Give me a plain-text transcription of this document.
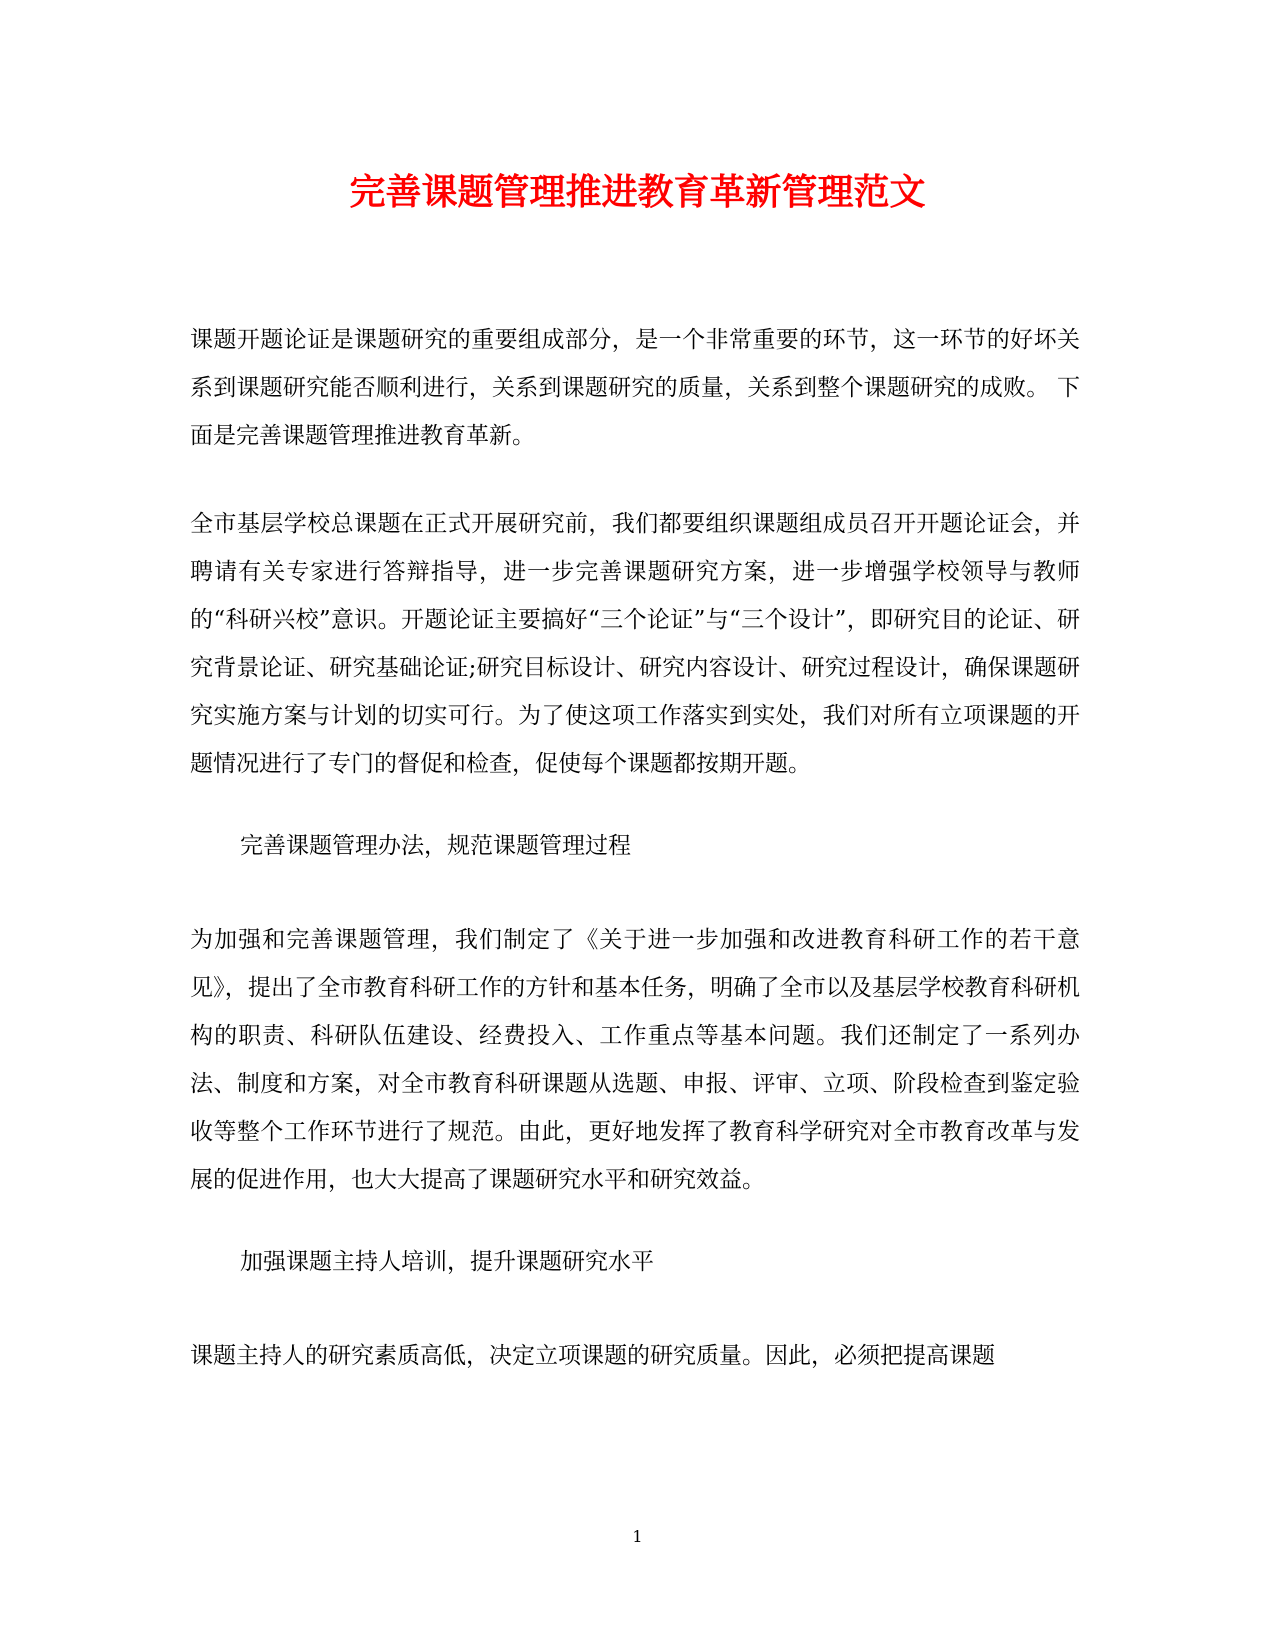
完善课题管理推进教育革新管理范文

课题开题论证是课题研究的重要组成部分，是一个非常重要的环节，这一环节的好坏关系到课题研究能否顺利进行，关系到课题研究的质量，关系到整个课题研究的成败。 下面是完善课题管理推进教育革新。

全市基层学校总课题在正式开展研究前，我们都要组织课题组成员召开开题论证会，并聘请有关专家进行答辩指导，进一步完善课题研究方案，进一步增强学校领导与教师的“科研兴校”意识。开题论证主要搞好“三个论证”与“三个设计”，即研究目的论证、研究背景论证、研究基础论证;研究目标设计、研究内容设计、研究过程设计，确保课题研究实施方案与计划的切实可行。为了使这项工作落实到实处，我们对所有立项课题的开题情况进行了专门的督促和检查，促使每个课题都按期开题。

完善课题管理办法，规范课题管理过程

为加强和完善课题管理，我们制定了《关于进一步加强和改进教育科研工作的若干意见》，提出了全市教育科研工作的方针和基本任务，明确了全市以及基层学校教育科研机构的职责、科研队伍建设、经费投入、工作重点等基本问题。我们还制定了一系列办法、制度和方案，对全市教育科研课题从选题、申报、评审、立项、阶段检查到鉴定验收等整个工作环节进行了规范。由此，更好地发挥了教育科学研究对全市教育改革与发展的促进作用，也大大提高了课题研究水平和研究效益。

加强课题主持人培训，提升课题研究水平

课题主持人的研究素质高低，决定立项课题的研究质量。因此，必须把提高课题

1
